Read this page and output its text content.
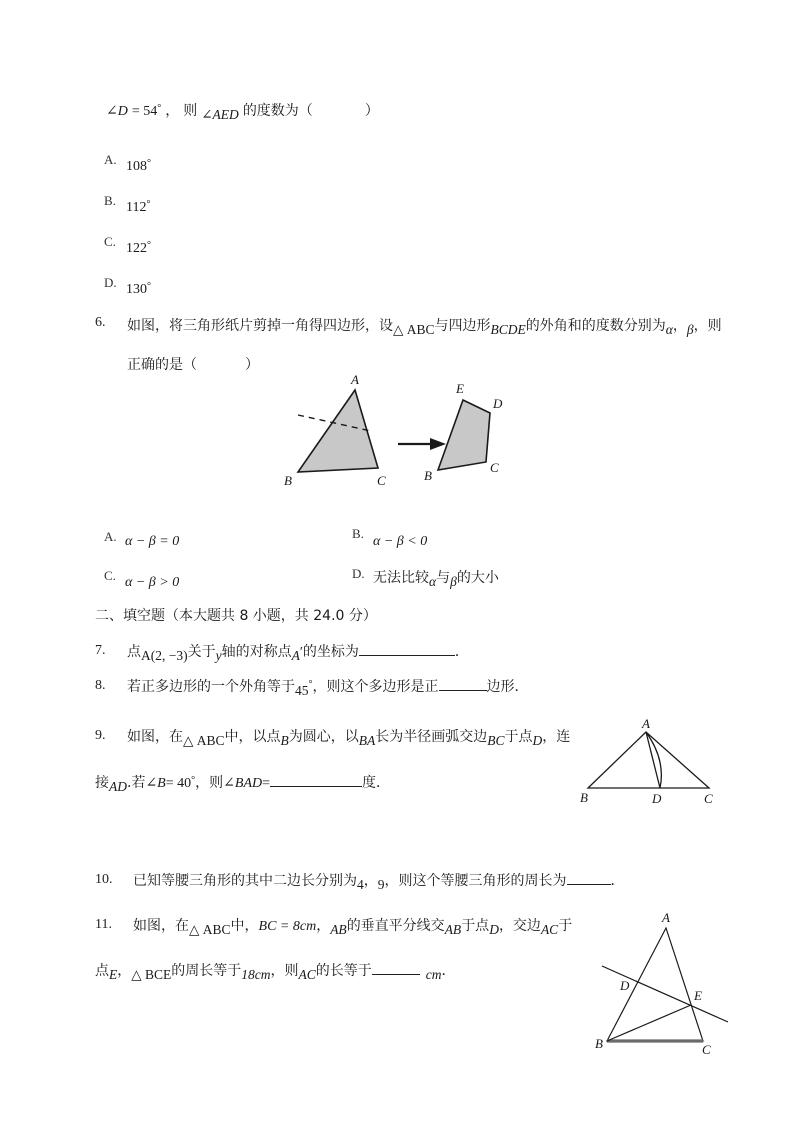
∠D = 54° ， 则 $_{\angle AED}$ 的度数为（	）
A. 108°
B. 112°
C. 122°
D. 130°
6. 如图，将三角形纸片剪掉一角得四边形，设$_{\triangle ABC}$与四边形$_{BCDE}$的外角和的度数分别为$_\alpha$，$_\beta$，则
正确的是（	）
A
B	C
E
D
B
C
A. α − β = 0
B.
α − β < 0
C. α − β > 0
D. 无法比较$_\alpha$与$_\beta$的大小
二、填空题（本大题共 8 小题，共 24.0 分）
7. 点$_{A(2, -3)}$关于$_y$轴的对称点$_A$′的坐标为	．
8. 若正多边形的一个外角等于$_{45}$°，则这个多边形是正	边形．
9. 如图，在$_{\triangle ABC}$中，以点$_B$为圆心，以$_{BA}$长为半径画弧交边$_{BC}$于点$_D$，连
接$_{AD}$.若∠B= 40°，则∠BAD=	度．
A
B	D	C
10. 已知等腰三角形的其中二边长分别为$_4$，$_9$，则这个等腰三角形的周长为	．
11. 如图，在$_{\triangle ABC}$中，BC = 8cm，$_{AB}$的垂直平分线交$_{AB}$于点$_D$，交边$_{AC}$于
点$_E$，$_{\triangle BCE}$的周长等于$_{18cm}$，则$_{AC}$的长等于	$_{cm}$．
A
D
E
B	C
